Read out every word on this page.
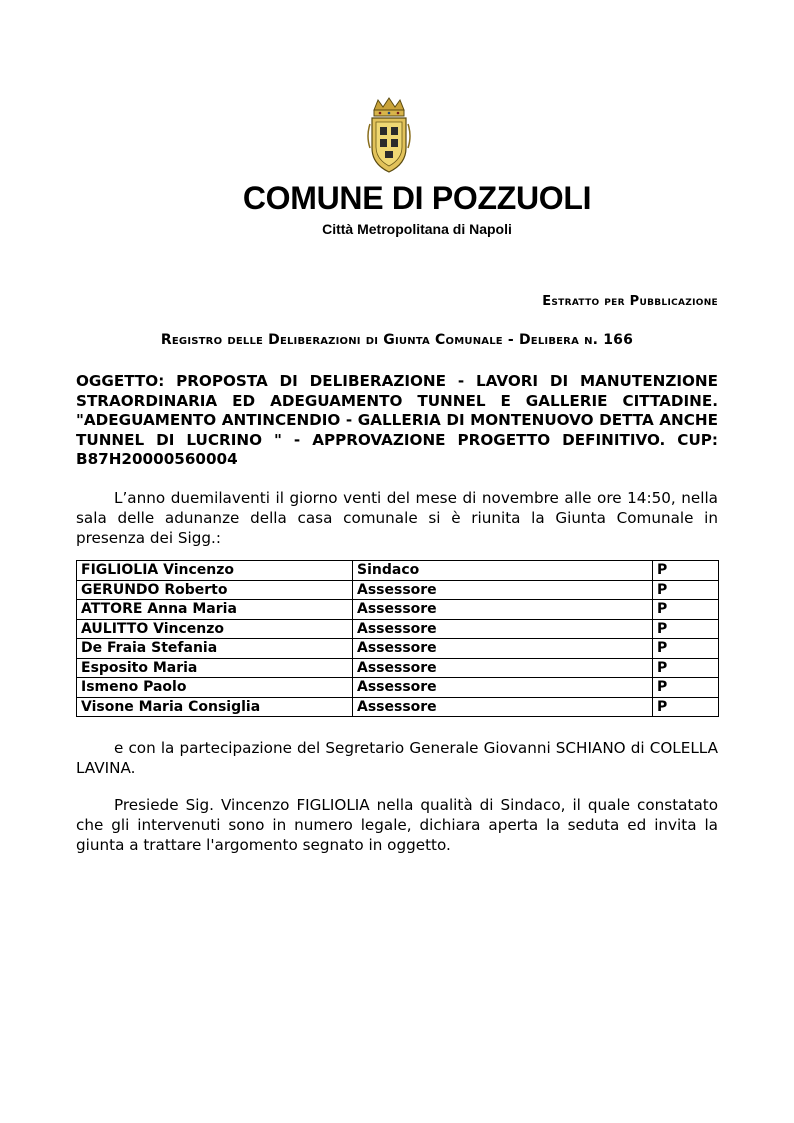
COMUNE DI POZZUOLI
Città Metropolitana di Napoli
Estratto per Pubblicazione
Registro delle Deliberazioni di Giunta Comunale - Delibera n. 166
OGGETTO: PROPOSTA DI DELIBERAZIONE - LAVORI DI MANUTENZIONE STRAORDINARIA ED ADEGUAMENTO TUNNEL E GALLERIE CITTADINE. "ADEGUAMENTO ANTINCENDIO - GALLERIA DI MONTENUOVO DETTA ANCHE TUNNEL DI LUCRINO " - APPROVAZIONE PROGETTO DEFINITIVO. CUP: B87H20000560004
L’anno duemilaventi il giorno venti del mese di novembre alle ore 14:50, nella sala delle adunanze della casa comunale si è riunita la Giunta Comunale in presenza dei Sigg.:
FIGLIOLIA Vincenzo	Sindaco	P
GERUNDO Roberto	Assessore	P
ATTORE Anna Maria	Assessore	P
AULITTO Vincenzo	Assessore	P
De Fraia Stefania	Assessore	P
Esposito Maria	Assessore	P
Ismeno Paolo	Assessore	P
Visone Maria Consiglia	Assessore	P
e con la partecipazione del Segretario Generale Giovanni SCHIANO di COLELLA LAVINA.
Presiede Sig. Vincenzo FIGLIOLIA nella qualità di Sindaco, il quale constatato che gli intervenuti sono in numero legale, dichiara aperta la seduta ed invita la giunta a trattare l'argomento segnato in oggetto.
